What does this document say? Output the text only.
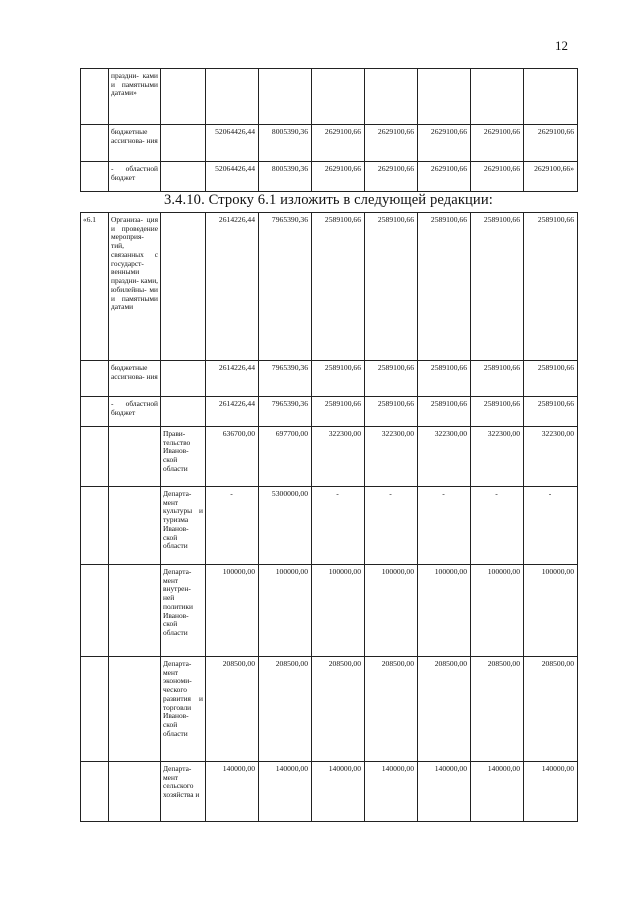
12
	праздни- ками и памятными датами»								
	бюджетные ассигнова- ния		52064426,44	8005390,36	2629100,66	2629100,66	2629100,66	2629100,66	2629100,66
	- областной бюджет		52064426,44	8005390,36	2629100,66	2629100,66	2629100,66	2629100,66	2629100,66»
3.4.10. Строку 6.1 изложить в следующей редакции:
«6.1	Организа- ция и проведение мероприя- тий, связанных с государст- венными праздни- ками, юбилейны- ми и памятными датами		2614226,44	7965390,36	2589100,66	2589100,66	2589100,66	2589100,66	2589100,66
	бюджетные ассигнова- ния		2614226,44	7965390,36	2589100,66	2589100,66	2589100,66	2589100,66	2589100,66
	- областной бюджет		2614226,44	7965390,36	2589100,66	2589100,66	2589100,66	2589100,66	2589100,66
		Прави- тельство Иванов- ской области	636700,00	697700,00	322300,00	322300,00	322300,00	322300,00	322300,00
		Департа- мент культуры и туризма Иванов- ской области	-	5300000,00	-	-	-	-	-
		Департа- мент внутрен- ней политики Иванов- ской области	100000,00	100000,00	100000,00	100000,00	100000,00	100000,00	100000,00
		Департа- мент экономи- ческого развития и торговли Иванов- ской области	208500,00	208500,00	208500,00	208500,00	208500,00	208500,00	208500,00
		Департа- мент сельского хозяйства и	140000,00	140000,00	140000,00	140000,00	140000,00	140000,00	140000,00
